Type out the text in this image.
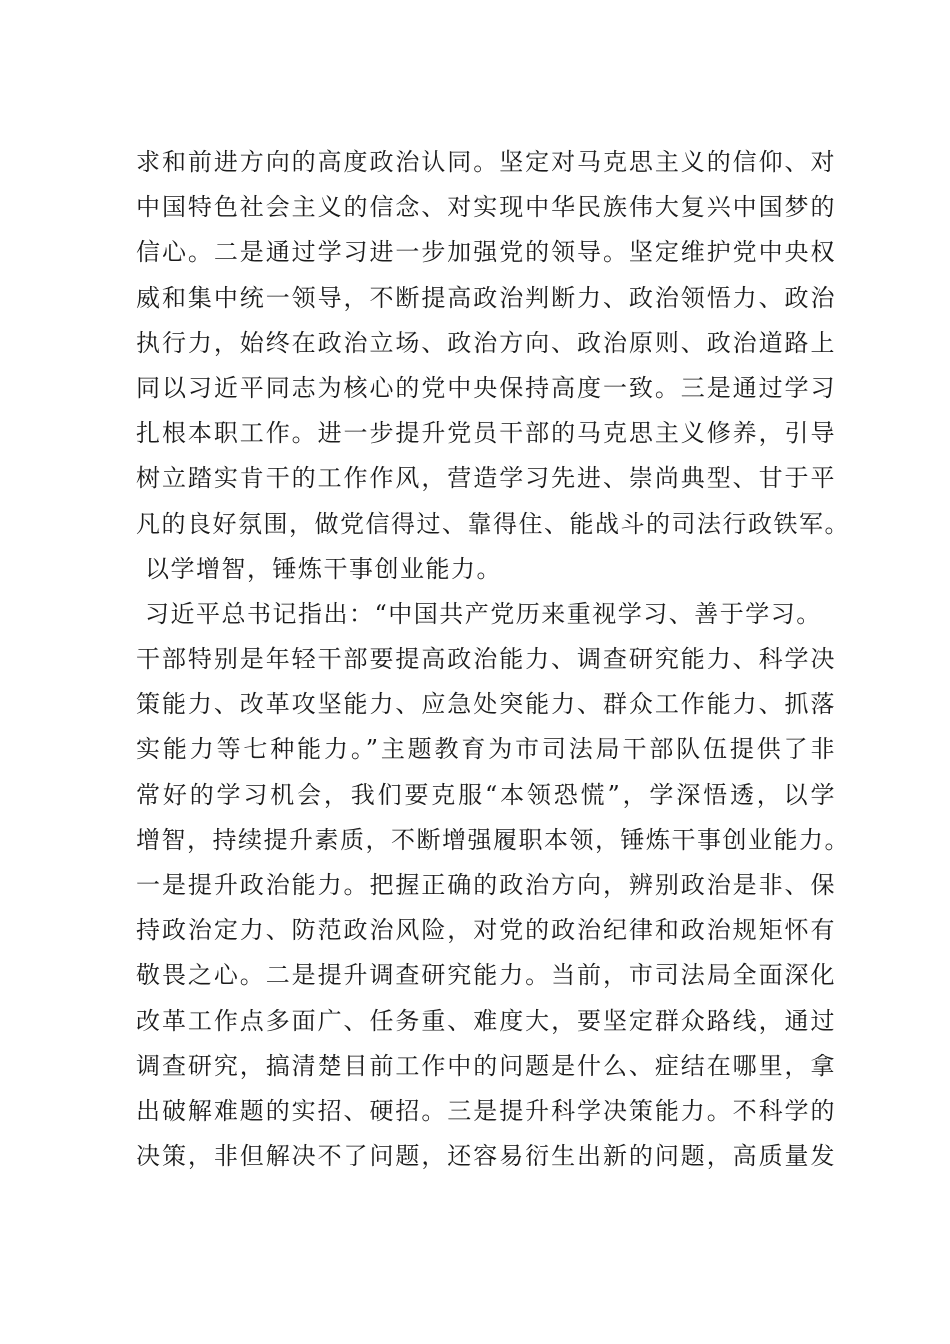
求和前进方向的高度政治认同。坚定对马克思主义的信仰、对
中国特色社会主义的信念、对实现中华民族伟大复兴中国梦的
信心。二是通过学习进一步加强党的领导。坚定维护党中央权
威和集中统一领导，不断提高政治判断力、政治领悟力、政治
执行力，始终在政治立场、政治方向、政治原则、政治道路上
同以习近平同志为核心的党中央保持高度一致。三是通过学习
扎根本职工作。进一步提升党员干部的马克思主义修养，引导
树立踏实肯干的工作作风，营造学习先进、崇尚典型、甘于平
凡的良好氛围，做党信得过、靠得住、能战斗的司法行政铁军。
以学增智，锤炼干事创业能力。
习近平总书记指出：“中国共产党历来重视学习、善于学习。
干部特别是年轻干部要提高政治能力、调查研究能力、科学决
策能力、改革攻坚能力、应急处突能力、群众工作能力、抓落
实能力等七种能力。”主题教育为市司法局干部队伍提供了非
常好的学习机会，我们要克服“本领恐慌”，学深悟透，以学
增智，持续提升素质，不断增强履职本领，锤炼干事创业能力。
一是提升政治能力。把握正确的政治方向，辨别政治是非、保
持政治定力、防范政治风险，对党的政治纪律和政治规矩怀有
敬畏之心。二是提升调查研究能力。当前，市司法局全面深化
改革工作点多面广、任务重、难度大，要坚定群众路线，通过
调查研究，搞清楚目前工作中的问题是什么、症结在哪里，拿
出破解难题的实招、硬招。三是提升科学决策能力。不科学的
决策，非但解决不了问题，还容易衍生出新的问题，高质量发
